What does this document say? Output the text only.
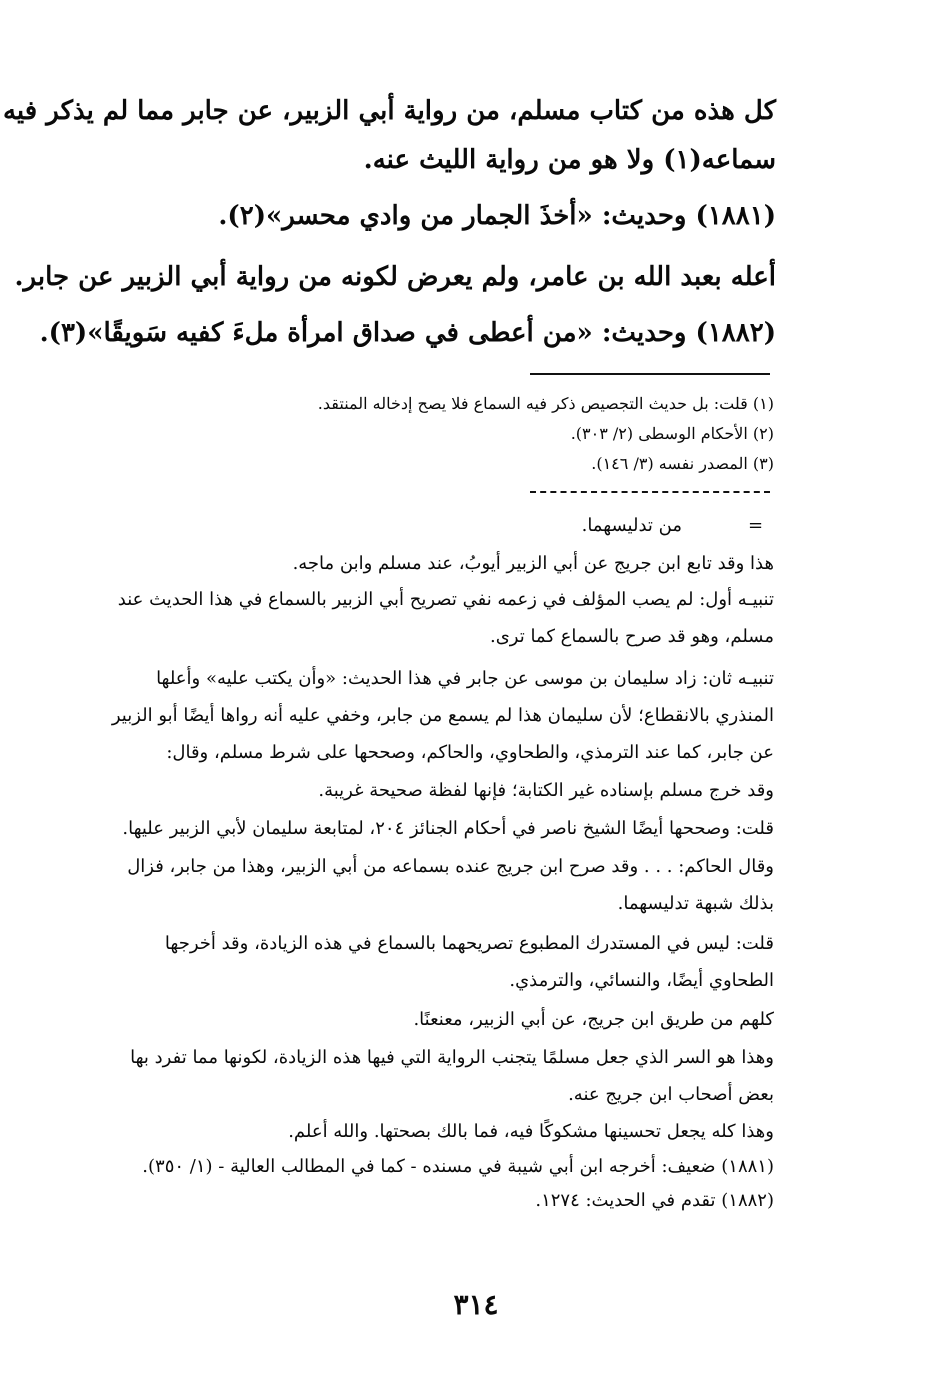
كل هذه من كتاب مسلم، من رواية أبي الزبير، عن جابر مما لم يذكر فيه
سماعه(١) ولا هو من رواية الليث عنه.
(١٨٨١) وحديث: «أخذَ الجمار من وادي محسر»(٢).
أعله بعبد الله بن عامر، ولم يعرض لكونه من رواية أبي الزبير عن جابر.
(١٨٨٢) وحديث: «من أعطى في صداق امرأة ملءَ كفيه سَويقًا»(٣).
(١) قلت: بل حديث التجصيص ذكر فيه السماع فلا يصح إدخاله المنتقد.
(٢) الأحكام الوسطى (٢/ ٣٠٣).
(٣) المصدر نفسه (٣/ ١٤٦).
=
من تدليسهما.
هذا وقد تابع ابن جريج عن أبي الزبير أيوبُ، عند مسلم وابن ماجه.
تنبيـه أول: لم يصب المؤلف في زعمه نفي تصريح أبي الزبير بالسماع في هذا الحديث عند
مسلم، وهو قد صرح بالسماع كما ترى.
تنبيـه ثان: زاد سليمان بن موسى عن جابر في هذا الحديث: «وأن يكتب عليه» وأعلها
المنذري بالانقطاع؛ لأن سليمان هذا لم يسمع من جابر، وخفي عليه أنه رواها أيضًا أبو الزبير
عن جابر، كما عند الترمذي، والطحاوي، والحاكم، وصححها على شرط مسلم، وقال:
وقد خرج مسلم بإسناده غير الكتابة؛ فإنها لفظة صحيحة غريبة.
قلت: وصححها أيضًا الشيخ ناصر في أحكام الجنائز ٢٠٤، لمتابعة سليمان لأبي الزبير عليها.
وقال الحاكم: . . . وقد صرح ابن جريج عنده بسماعه من أبي الزبير، وهذا من جابر، فزال
بذلك شبهة تدليسهما.
قلت: ليس في المستدرك المطبوع تصريحهما بالسماع في هذه الزيادة، وقد أخرجها
الطحاوي أيضًا، والنسائي، والترمذي.
كلهم من طريق ابن جريج، عن أبي الزبير، معنعنًا.
وهذا هو السر الذي جعل مسلمًا يتجنب الرواية التي فيها هذه الزيادة، لكونها مما تفرد بها
بعض أصحاب ابن جريج عنه.
وهذا كله يجعل تحسينها مشكوكًا فيه، فما بالك بصحتها. والله أعلم.
(١٨٨١) ضعيف: أخرجه ابن أبي شيبة في مسنده - كما في المطالب العالية - (١/ ٣٥٠).
(١٨٨٢) تقدم في الحديث: ١٢٧٤.
٣١٤
